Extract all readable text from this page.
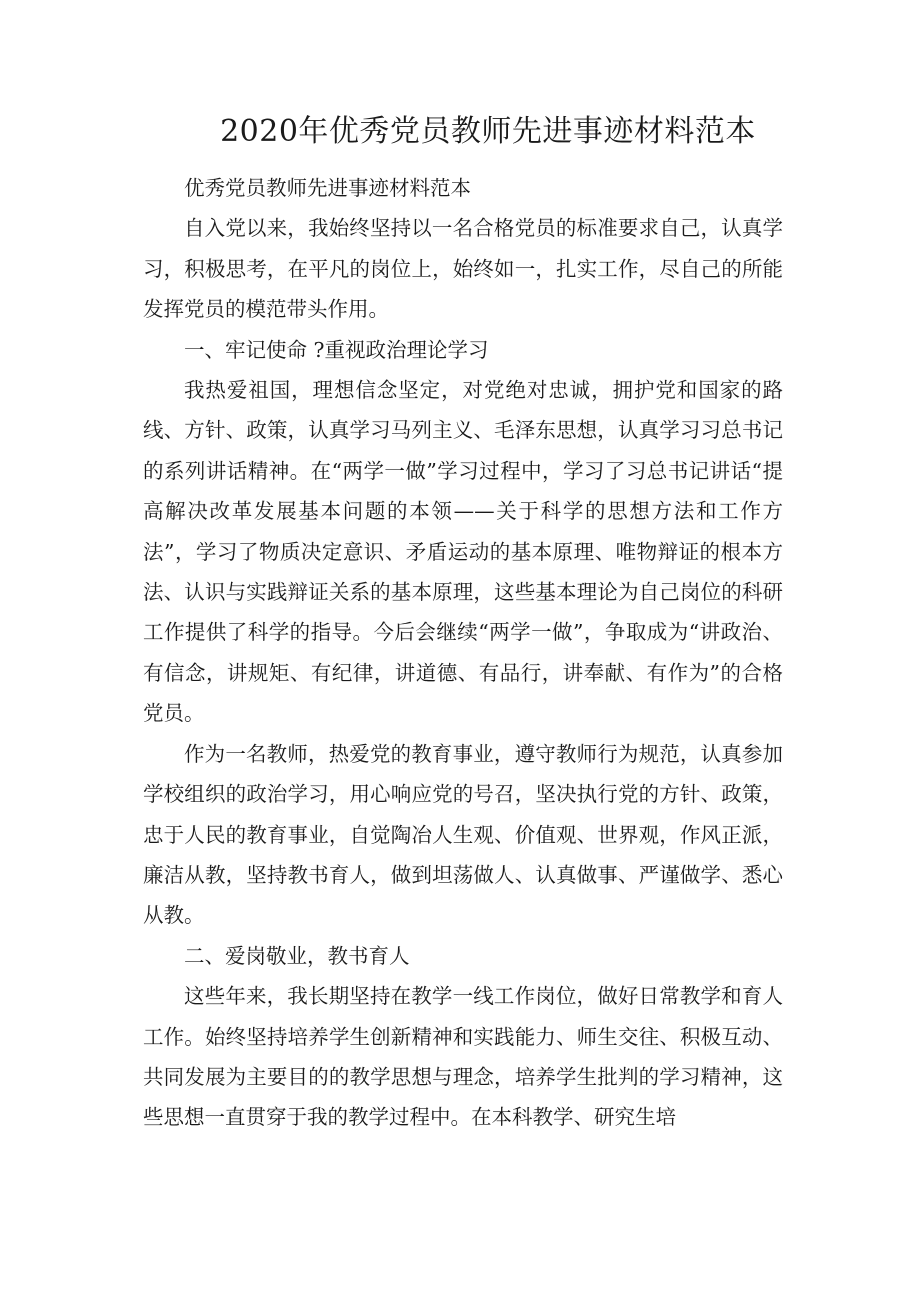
2020年优秀党员教师先进事迹材料范本

优秀党员教师先进事迹材料范本

自入党以来，我始终坚持以一名合格党员的标准要求自己，认真学习，积极思考，在平凡的岗位上，始终如一，扎实工作，尽自己的所能发挥党员的模范带头作用。

一、牢记使命 ?重视政治理论学习

我热爱祖国，理想信念坚定，对党绝对忠诚，拥护党和国家的路线、方针、政策，认真学习马列主义、毛泽东思想，认真学习习总书记的系列讲话精神。在“两学一做”学习过程中，学习了习总书记讲话“提高解决改革发展基本问题的本领——关于科学的思想方法和工作方法”，学习了物质决定意识、矛盾运动的基本原理、唯物辩证的根本方法、认识与实践辩证关系的基本原理，这些基本理论为自己岗位的科研工作提供了科学的指导。今后会继续“两学一做”，争取成为“讲政治、有信念，讲规矩、有纪律，讲道德、有品行，讲奉献、有作为”的合格党员。

作为一名教师，热爱党的教育事业，遵守教师行为规范，认真参加学校组织的政治学习，用心响应党的号召，坚决执行党的方针、政策，忠于人民的教育事业，自觉陶冶人生观、价值观、世界观，作风正派，廉洁从教，坚持教书育人，做到坦荡做人、认真做事、严谨做学、悉心从教。

二、爱岗敬业，教书育人

这些年来，我长期坚持在教学一线工作岗位，做好日常教学和育人工作。始终坚持培养学生创新精神和实践能力、师生交往、积极互动、共同发展为主要目的的教学思想与理念，培养学生批判的学习精神，这些思想一直贯穿于我的教学过程中。在本科教学、研究生培
